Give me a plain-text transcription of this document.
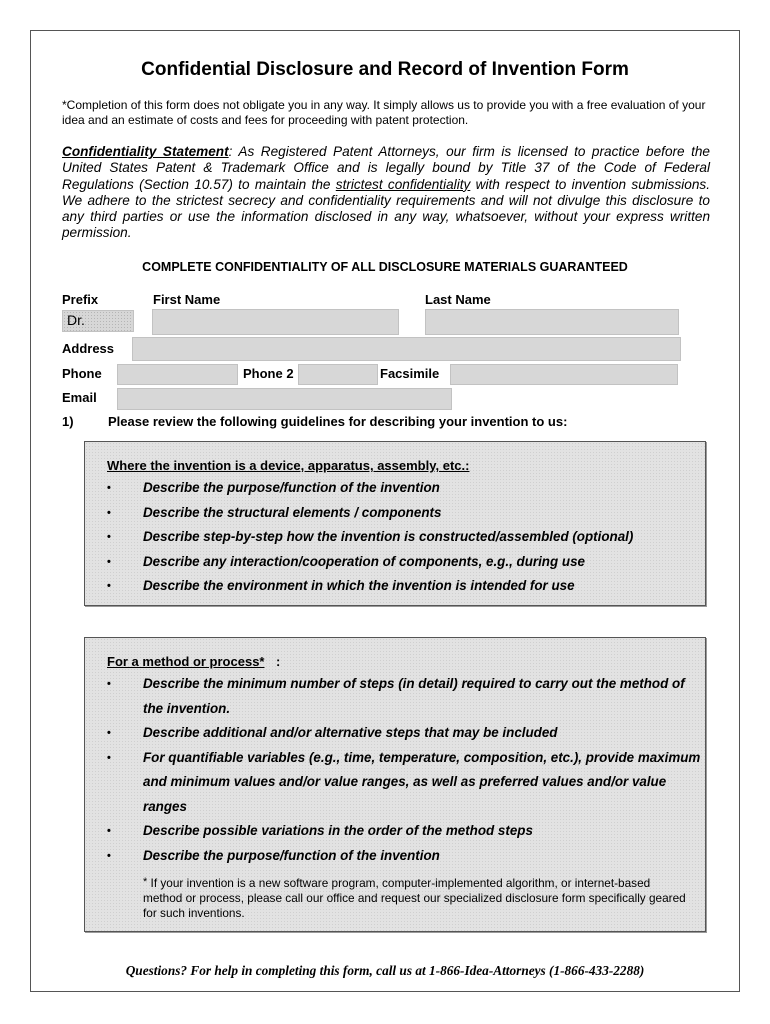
Confidential Disclosure and Record of Invention Form
*Completion of this form does not obligate you in any way. It simply allows us to provide you with a free evaluation of your idea and an estimate of costs and fees for proceeding with patent protection.
Confidentiality Statement: As Registered Patent Attorneys, our firm is licensed to practice before the United States Patent & Trademark Office and is legally bound by Title 37 of the Code of Federal Regulations (Section 10.57) to maintain the strictest confidentiality with respect to invention submissions. We adhere to the strictest secrecy and confidentiality requirements and will not divulge this disclosure to any third parties or use the information disclosed in any way, whatsoever, without your express written permission.
COMPLETE CONFIDENTIALITY OF ALL DISCLOSURE MATERIALS GUARANTEED
Prefix	First Name	Last Name
Dr.
Address
Phone	Phone 2	Facsimile
Email
1)	Please review the following guidelines for describing your invention to us:
Where the invention is a device, apparatus, assembly, etc.:
• Describe the purpose/function of the invention
• Describe the structural elements / components
• Describe step-by-step how the invention is constructed/assembled (optional)
• Describe any interaction/cooperation of components, e.g., during use
• Describe the environment in which the invention is intended for use
For a method or process* :
• Describe the minimum number of steps (in detail) required to carry out the method of the invention.
• Describe additional and/or alternative steps that may be included
• For quantifiable variables (e.g., time, temperature, composition, etc.), provide maximum and minimum values and/or value ranges, as well as preferred values and/or value ranges
• Describe possible variations in the order of the method steps
• Describe the purpose/function of the invention
* If your invention is a new software program, computer-implemented algorithm, or internet-based method or process, please call our office and request our specialized disclosure form specifically geared for such inventions.
Questions? For help in completing this form, call us at 1-866-Idea-Attorneys (1-866-433-2288)
